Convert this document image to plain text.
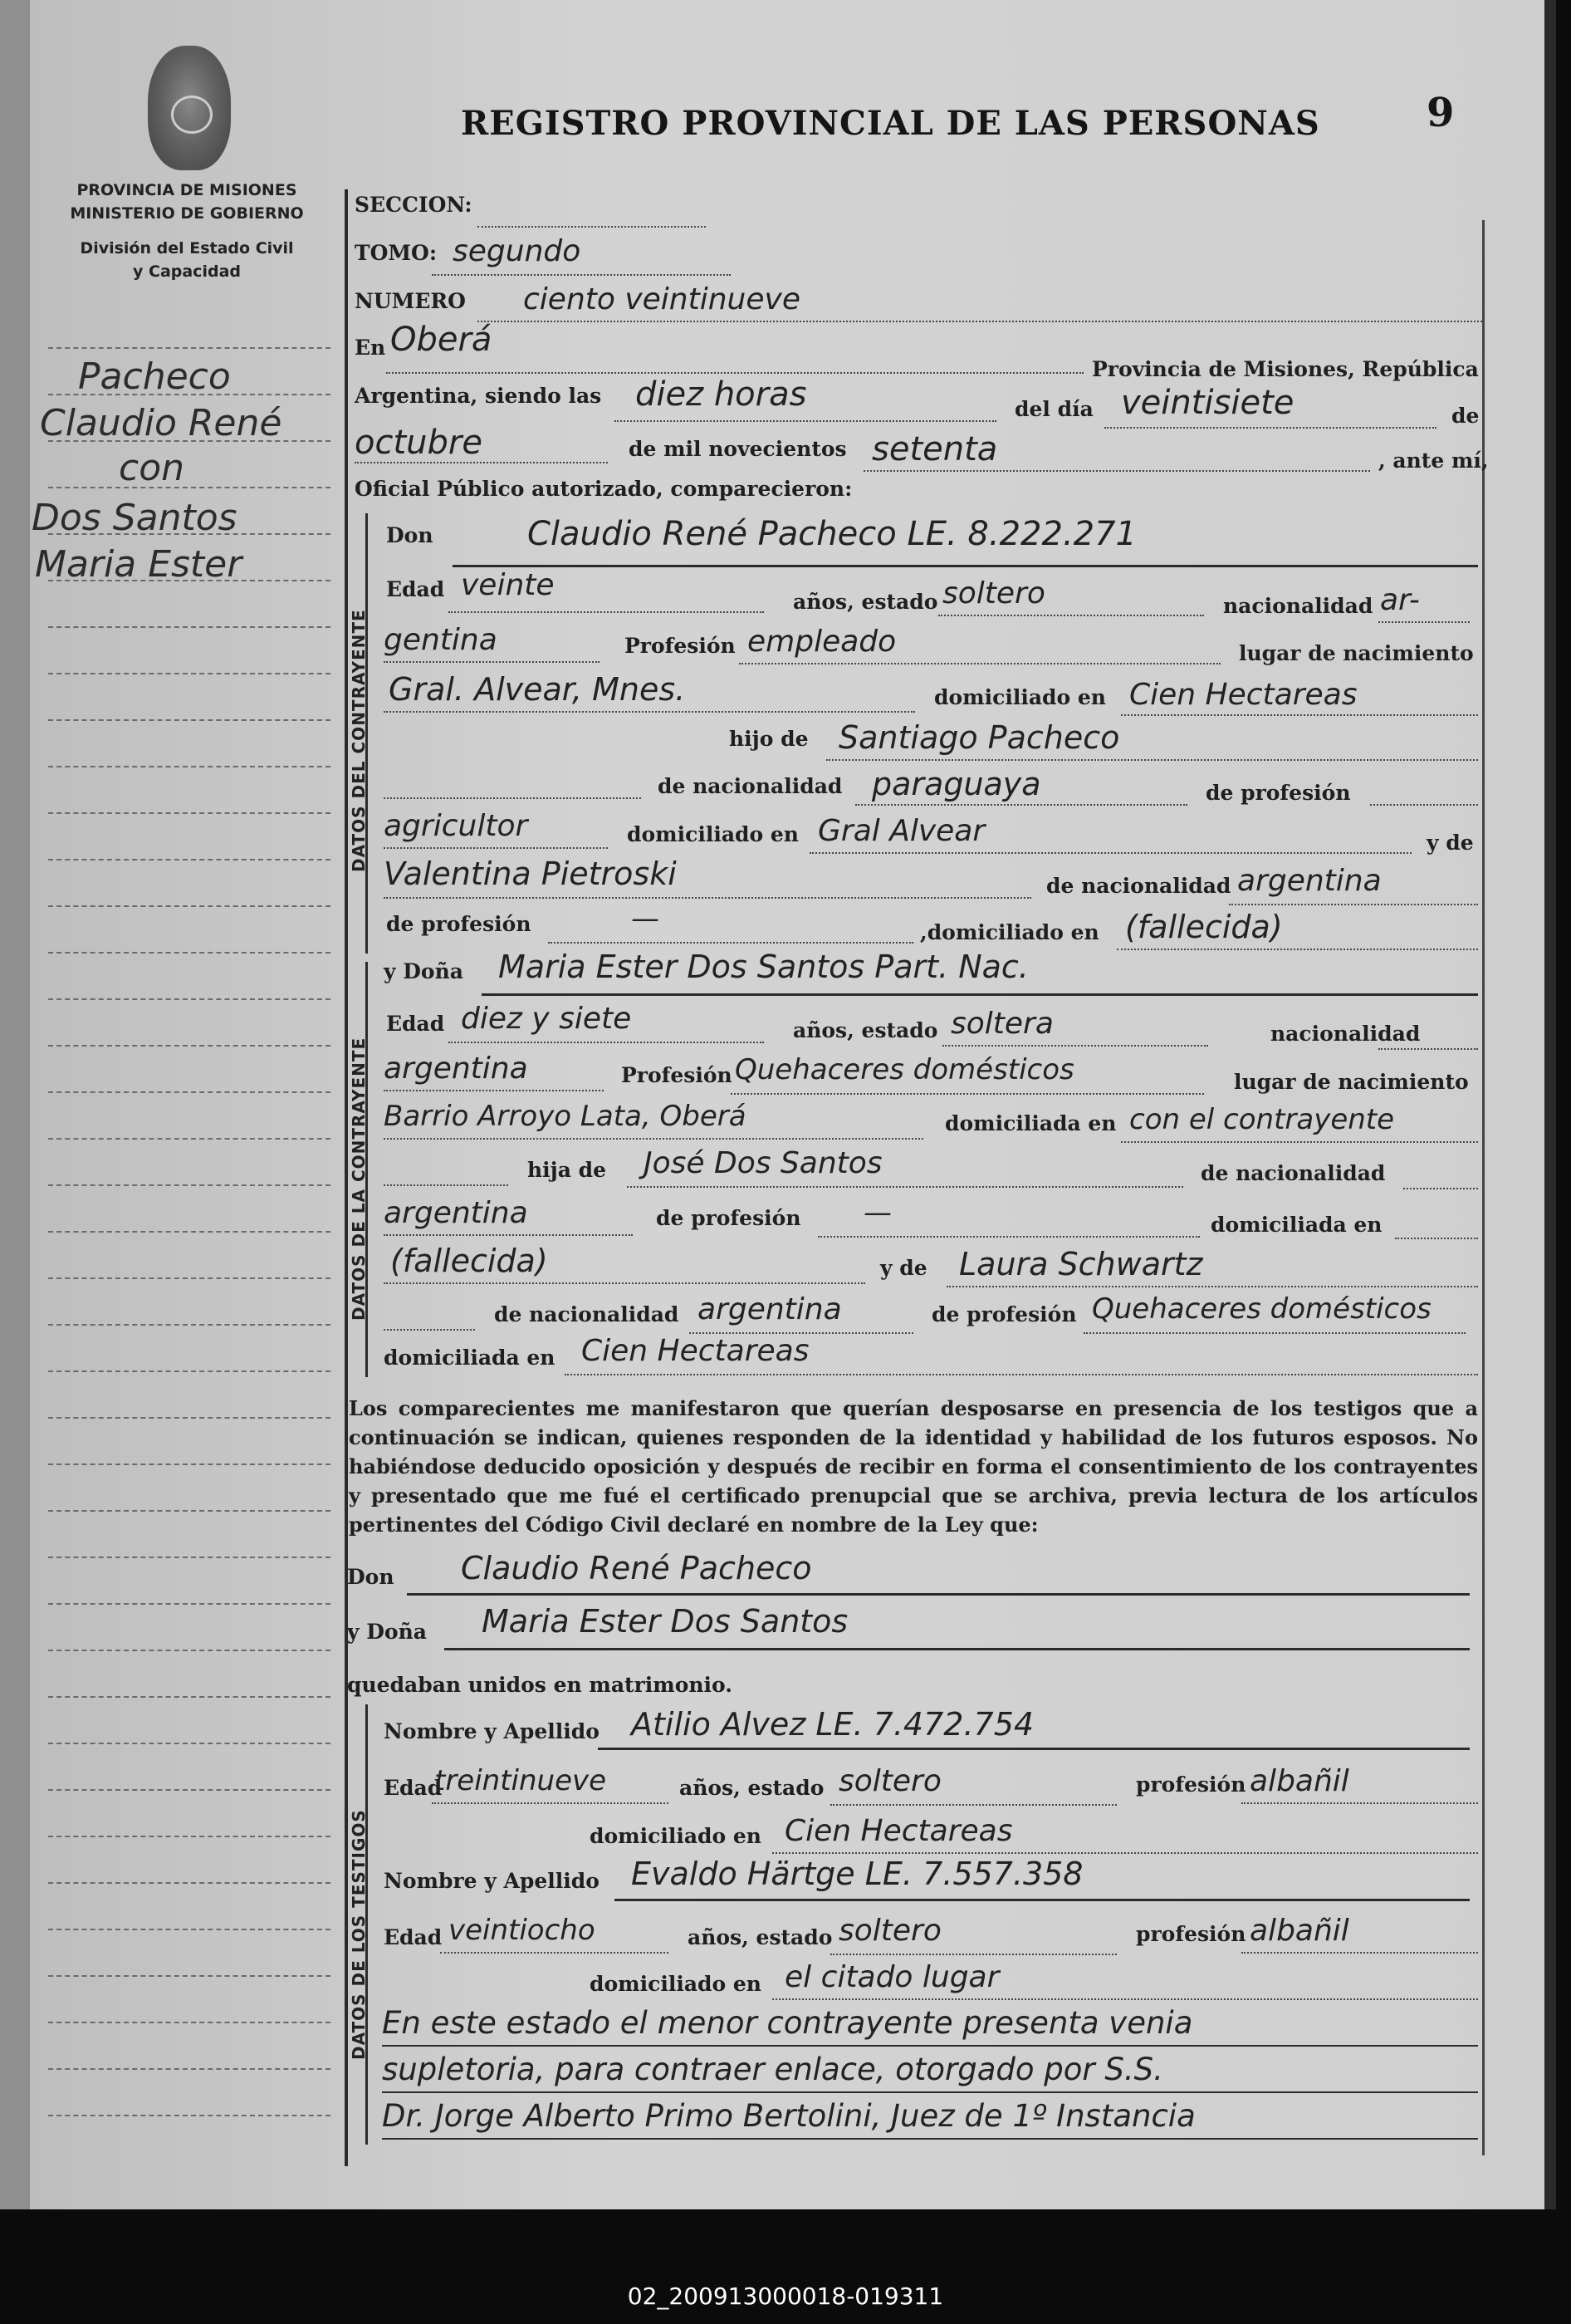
PROVINCIA DE MISIONES
MINISTERIO DE GOBIERNO
División del Estado Civil
y Capacidad
REGISTRO PROVINCIAL DE LAS PERSONAS	9
Pacheco
Claudio René
con
Dos Santos
Maria Ester
SECCION:
TOMO: segundo
NUMERO ciento veintinueve
En Oberá
Provincia de Misiones, República
Argentina, siendo las diez horas	del día veintisiete	de
octubre	de mil novecientos setenta	, ante mí,
Oficial Público autorizado, comparecieron:
DATOS DEL CONTRAYENTE
Don	Claudio René Pacheco LE. 8.222.271
Edad veinte	años, estado soltero	nacionalidad ar-
gentina	Profesión empleado	lugar de nacimiento
Gral. Alvear, Mnes.	domiciliado en Cien Hectareas
hijo de Santiago Pacheco
de nacionalidad paraguaya	de profesión
agricultor	domiciliado en Gral Alvear	y de
Valentina Pietroski	de nacionalidad argentina
de profesión	—	,domiciliado en (fallecida)
DATOS DE LA CONTRAYENTE
y Doña Maria Ester Dos Santos Part. Nac.
Edad diez y siete	años, estado soltera	nacionalidad
argentina	Profesión Quehaceres domésticos	lugar de nacimiento
Barrio Arroyo Lata, Oberá	domiciliada en con el contrayente
hija de José Dos Santos	de nacionalidad
argentina	de profesión —	domiciliada en
(fallecida)	y de Laura Schwartz
de nacionalidad argentina	de profesión Quehaceres domésticos
domiciliada en Cien Hectareas
Los comparecientes me manifestaron que querían desposarse en presencia de los testigos que a continuación se indican, quienes responden de la identidad y habilidad de los futuros esposos. No habiéndose deducido oposición y después de recibir en forma el consentimiento de los contrayentes y presentado que me fué el certificado prenupcial que se archiva, previa lectura de los artículos pertinentes del Código Civil declaré en nombre de la Ley que:
Don Claudio René Pacheco
y Doña Maria Ester Dos Santos
quedaban unidos en matrimonio.
DATOS DE LOS TESTIGOS
Nombre y Apellido Atilio Alvez LE. 7.472.754
Edad
treintinueve	años, estado soltero	profesión albañil
domiciliado en Cien Hectareas
Nombre y Apellido Evaldo Härtge LE. 7.557.358
Edad veintiocho	años, estado soltero	profesión albañil
domiciliado en el citado lugar
En este estado el menor contrayente presenta venia
supletoria, para contraer enlace, otorgado por S.S.
Dr. Jorge Alberto Primo Bertolini, Juez de 1º Instancia
02_200913000018-019311
